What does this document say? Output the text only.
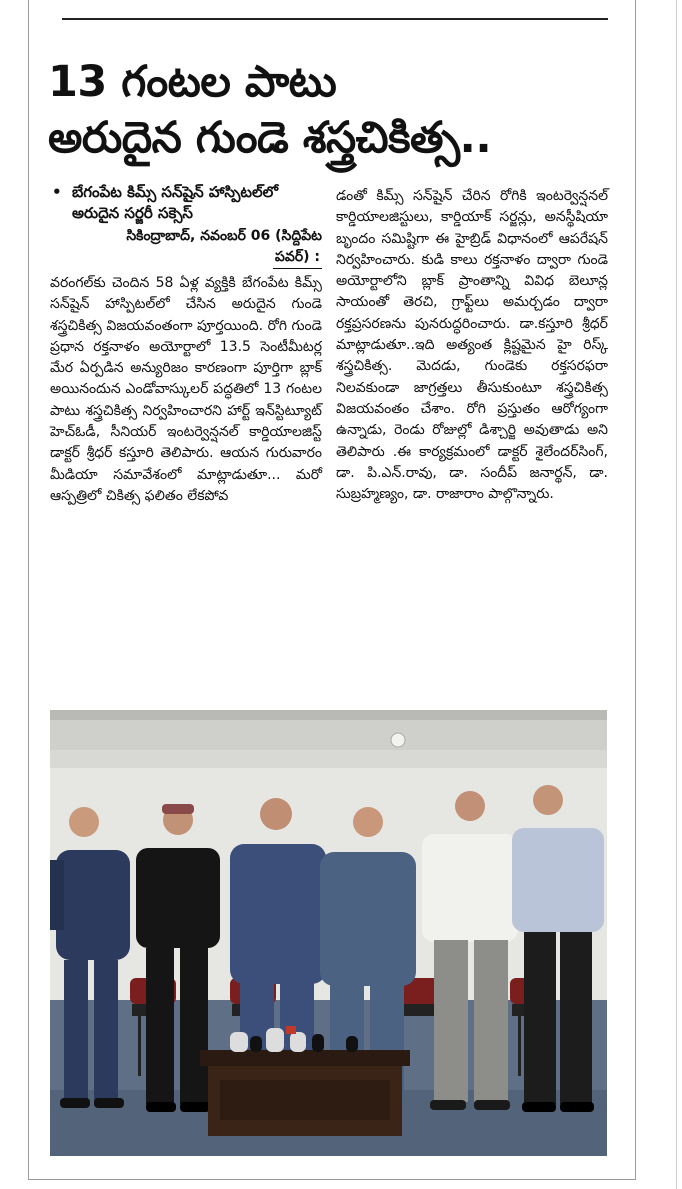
13 గంటల పాటు
అరుదైన గుండె శస్త్రచికిత్స..

• బేగంపేట కిమ్స్ సన్‌షైన్ హాస్పిటల్‌లో అరుదైన సర్జరీ సక్సెస్

సికింద్రాబాద్, నవంబర్ 06 (సిద్దిపేట
పవర్) :

వరంగల్‌కు చెందిన 58 ఏళ్ల వ్యక్తికి బేగంపేట కిమ్స్ సన్‌షైన్ హాస్పిటల్‌లో చేసిన అరుదైన గుండె శస్త్రచికిత్స విజయవంతంగా పూర్తయింది. రోగి గుండె ప్రధాన రక్తనాళం అయోర్టాలో 13.5 సెంటీమీటర్ల మేర ఏర్పడిన అన్యురిజం కారణంగా పూర్తిగా బ్లాక్ అయినందున ఎండోవాస్కులర్ పద్ధతిలో 13 గంటల పాటు శస్త్రచికిత్స నిర్వహించారని హార్ట్ ఇన్‌స్టిట్యూట్ హెచ్‌ఓడీ, సీనియర్ ఇంటర్వెన్షనల్ కార్డియాలజిస్ట్ డాక్టర్ శ్రీధర్ కస్తూరి తెలిపారు. ఆయన గురువారం మీడియా సమావేశంలో మాట్లాడుతూ... మరో ఆస్పత్రిలో చికిత్స ఫలితం లేకపోవ

డంతో కిమ్స్ సన్‌షైన్ చేరిన రోగికి ఇంటర్వెన్షనల్ కార్డియాలజిస్టులు, కార్డియాక్ సర్జన్లు, అనస్థీషియా బృందం సమిష్టిగా ఈ హైబ్రిడ్ విధానంలో ఆపరేషన్ నిర్వహించారు. కుడి కాలు రక్తనాళం ద్వారా గుండె అయోర్టాలోని బ్లాక్ ప్రాంతాన్ని వివిధ బెలూన్ల సాయంతో తెరచి, గ్రాఫ్ట్‌లు అమర్చడం ద్వారా రక్తప్రసరణను పునరుద్ధరించారు. డా.కస్తూరి శ్రీధర్ మాట్లాడుతూ..ఇది అత్యంత క్లిష్టమైన హై రిస్క్ శస్త్రచికిత్స. మెదడు, గుండెకు రక్తసరఫరా నిలవకుండా జాగ్రత్తలు తీసుకుంటూ శస్త్రచికిత్స విజయవంతం చేశాం. రోగి ప్రస్తుతం ఆరోగ్యంగా ఉన్నాడు, రెండు రోజుల్లో డిశ్చార్జి అవుతాడు అని తెలిపారు .ఈ కార్యక్రమంలో డాక్టర్ శైలేందర్‌సింగ్, డా. పి.ఎన్.రావు, డా. సందీప్ జనార్థన్, డా. సుబ్రహ్మణ్యం, డా. రాజారాం పాల్గొన్నారు.
